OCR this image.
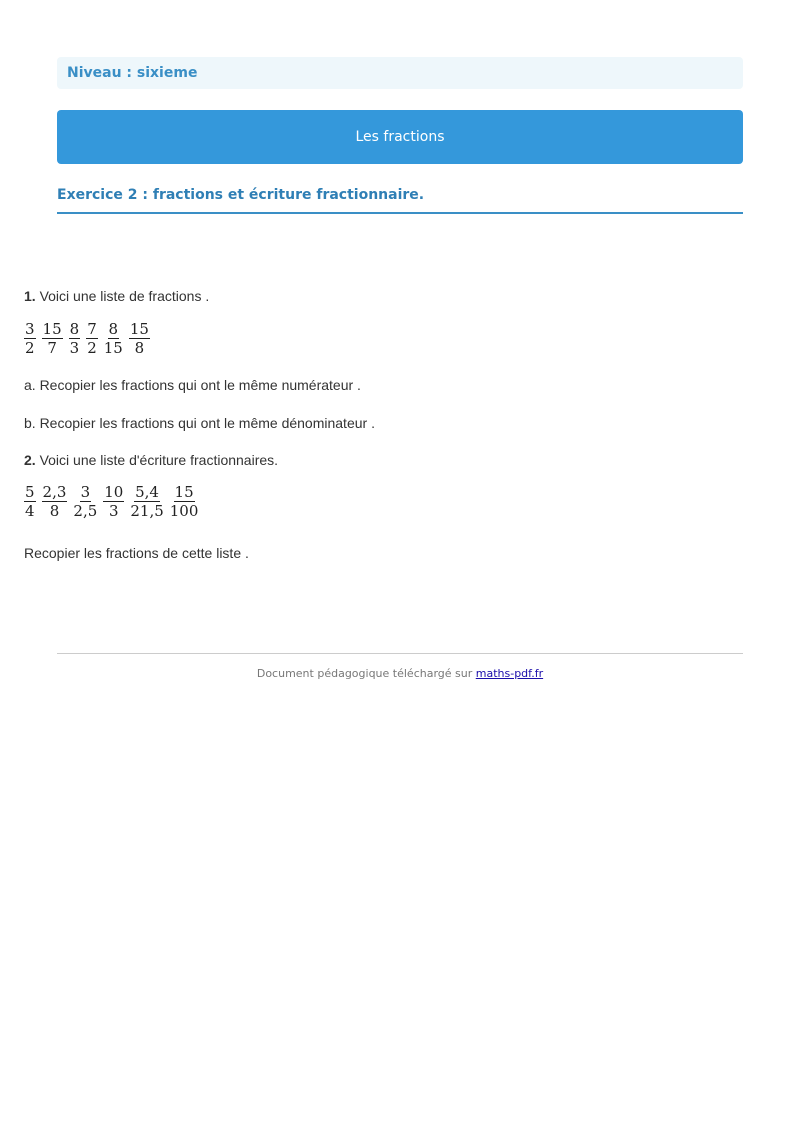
Niveau : sixieme
Les fractions
Exercice 2 : fractions et écriture fractionnaire.
1. Voici une liste de fractions .
$\frac{3}{2} \frac{15}{7} \frac{8}{3} \frac{7}{2} \frac{8}{15} \frac{15}{8}$
a. Recopier les fractions qui ont le même numérateur .
b. Recopier les fractions qui ont le même dénominateur .
2. Voici une liste d'écriture fractionnaires.
$\frac{5}{4} \frac{2,3}{8} \frac{3}{2,5} \frac{10}{3} \frac{5,4}{21,5} \frac{15}{100}$
Recopier les fractions de cette liste .
Document pédagogique téléchargé sur maths-pdf.fr
